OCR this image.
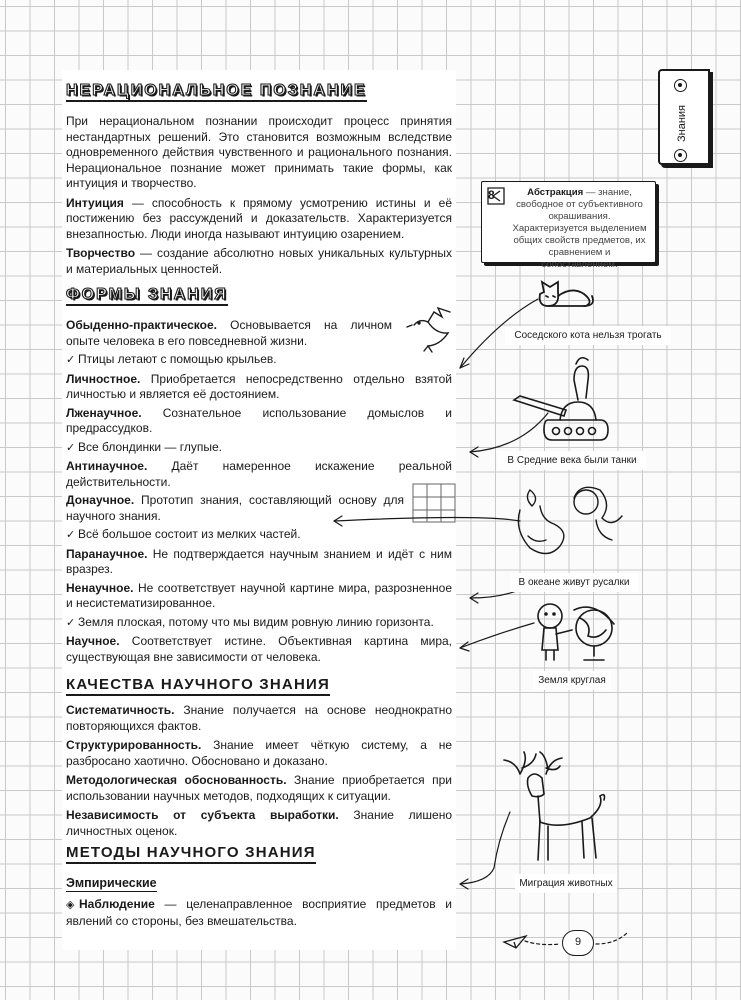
НЕРАЦИОНАЛЬНОЕ ПОЗНАНИЕ

При нерациональном познании происходит процесс принятия нестандартных решений. Это становится возможным вследствие одновременного действия чувственного и рационального познания. Нерациональное познание может принимать такие формы, как интуиция и творчество.

Интуиция — способность к прямому усмотрению истины и её постижению без рассуждений и доказательств. Характеризуется внезапностью. Люди иногда называют интуицию озарением.

Творчество — создание абсолютно новых уникальных культурных и материальных ценностей.

ФОРМЫ ЗНАНИЯ

Обыденно-практическое. Основывается на личном опыте человека в его повседневной жизни.

✓ Птицы летают с помощью крыльев.

Личностное. Приобретается непосредственно отдельно взятой личностью и является её достоянием.

Лженаучное. Сознательное использование домыслов и предрассудков.

✓ Все блондинки — глупые.

Антинаучное. Даёт намеренное искажение реальной действительности.

Донаучное. Прототип знания, составляющий основу для научного знания.

✓ Всё большое состоит из мелких частей.

Паранаучное. Не подтверждается научным знанием и идёт с ним вразрез.

Ненаучное. Не соответствует научной картине мира, разрозненное и несистематизированное.

✓ Земля плоская, потому что мы видим ровную линию горизонта.

Научное. Соответствует истине. Объективная картина мира, существующая вне зависимости от человека.

КАЧЕСТВА НАУЧНОГО ЗНАНИЯ

Систематичность. Знание получается на основе неоднократно повторяющихся фактов.

Структурированность. Знание имеет чёткую систему, а не разбросано хаотично. Обосновано и доказано.

Методологическая обоснованность. Знание приобретается при использовании научных методов, подходящих к ситуации.

Независимость от субъекта выработки. Знание лишено личностных оценок.

МЕТОДЫ НАУЧНОГО ЗНАНИЯ
Эмпирические

◈ Наблюдение — целенаправленное восприятие предметов и явлений со стороны, без вмешательства.

Знания
8	Абстракция — знание, свободное от субъективного окрашивания. Характеризуется выделением общих свойств предметов, их сравнением и сопоставлением.
Соседского кота нельзя трогать
В Средние века были танки
В океане живут русалки
Земля круглая
Миграция животных
9
